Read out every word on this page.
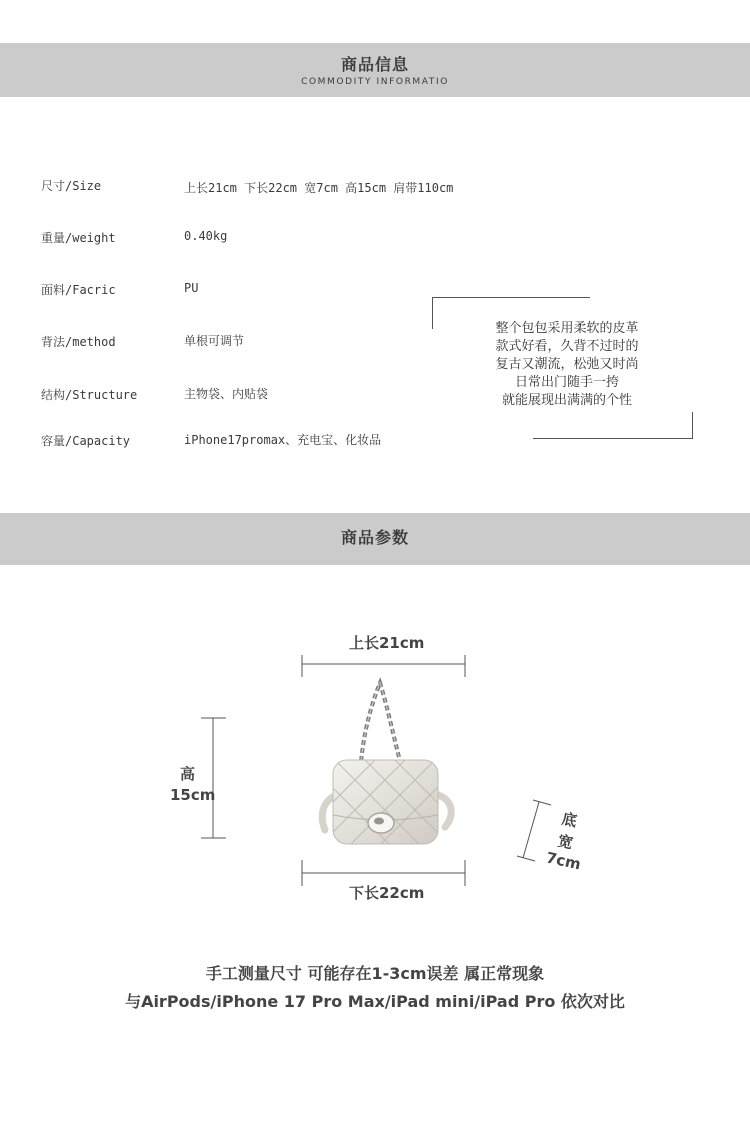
商品信息
COMMODITY INFORMATIO
尺寸/Size	上长21cm 下长22cm 宽7cm 高15cm 肩带110cm
重量/weight	0.40kg
面料/Facric	PU
背法/method	单根可调节
结构/Structure	主物袋、内贴袋
容量/Capacity	iPhone17promax、充电宝、化妆品
整个包包采用柔软的皮革
款式好看，久背不过时的
复古又潮流，松弛又时尚
日常出门随手一挎
就能展现出满满的个性
商品参数
上长21cm
高
15cm
底
宽
7cm
下长22cm
手工测量尺寸 可能存在1-3cm误差 属正常现象
与AirPods/iPhone 17 Pro Max/iPad mini/iPad Pro 依次对比
